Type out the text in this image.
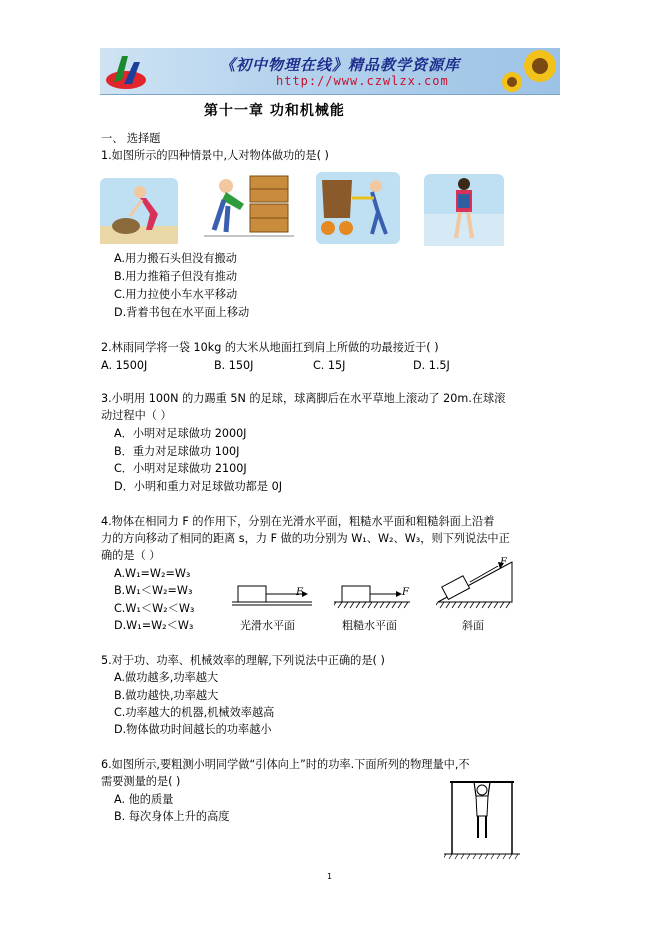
《初中物理在线》精品教学资源库
http://www.czwlzx.com
第十一章 功和机械能
一、 选择题
1.如图所示的四种情景中,人对物体做功的是( )
A.用力搬石头但没有搬动
B.用力推箱子但没有推动
C.用力拉使小车水平移动
D.背着书包在水平面上移动
2.林雨同学将一袋 10kg 的大米从地面扛到肩上所做的功最接近于( )
A. 1500J	B. 150J	C. 15J	D. 1.5J
3.小明用 100N 的力踢重 5N 的足球，球离脚后在水平草地上滚动了 20m.在球滚
动过程中（ ）
A．小明对足球做功 2000J
B．重力对足球做功 100J
C．小明对足球做功 2100J
D．小明和重力对足球做功都是 0J
4.物体在相同力 F 的作用下，分别在光滑水平面，粗糙水平面和粗糙斜面上沿着
力的方向移动了相同的距离 s，力 F 做的功分别为 W₁、W₂、W₃，则下列说法中正
确的是（ ）
A.W₁=W₂=W₃
B.W₁＜W₂=W₃
C.W₁＜W₂＜W₃
D.W₁=W₂＜W₃
F	F
F
光滑水平面	粗糙水平面	斜面
5.对于功、功率、机械效率的理解,下列说法中正确的是( )
A.做功越多,功率越大
B.做功越快,功率越大
C.功率越大的机器,机械效率越高
D.物体做功时间越长的功率越小
6.如图所示,要粗测小明同学做“引体向上”时的功率.下面所列的物理量中,不
需要测量的是( )
A. 他的质量
B. 每次身体上升的高度
1
